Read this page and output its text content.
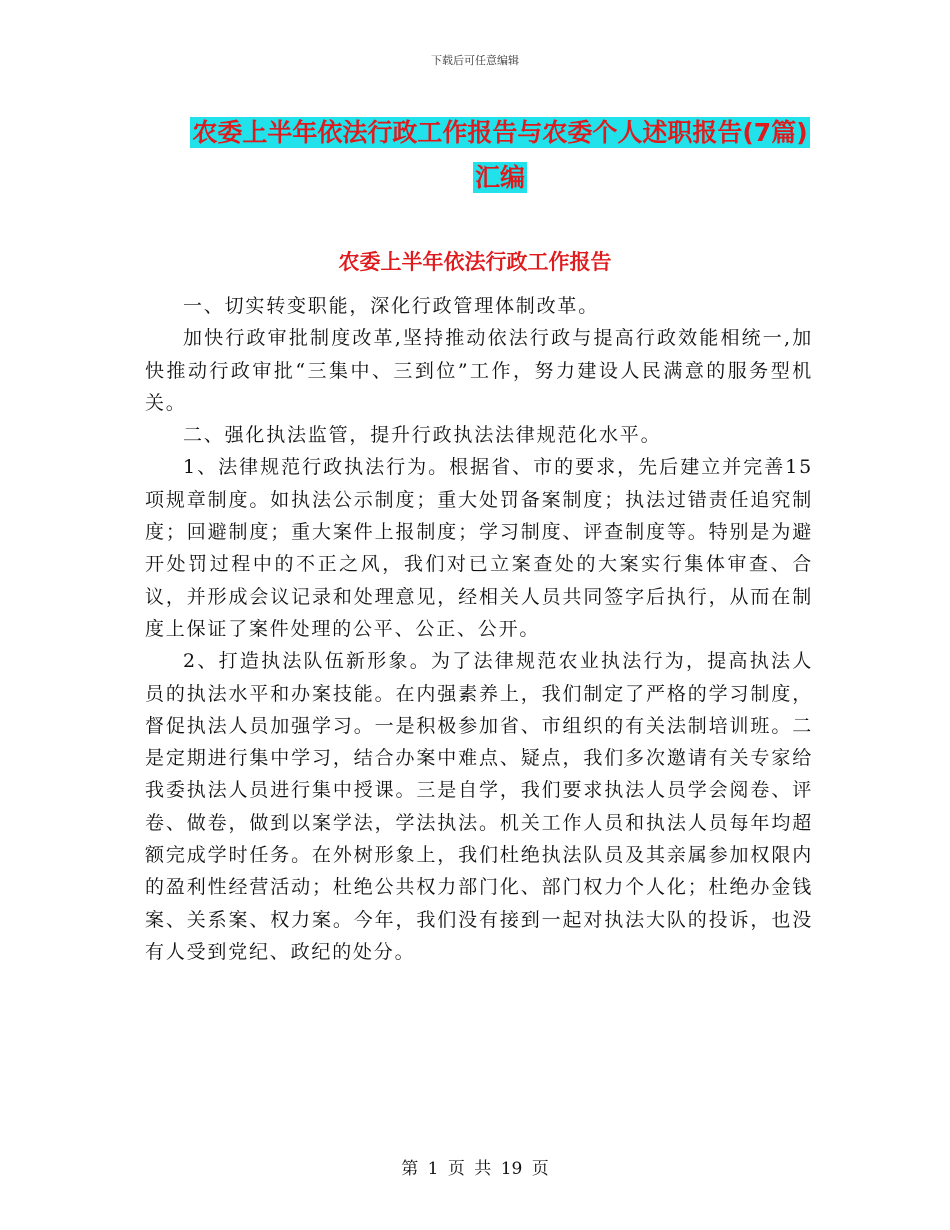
下载后可任意编辑
农委上半年依法行政工作报告与农委个人述职报告(7篇)汇编
农委上半年依法行政工作报告

一、切实转变职能，深化行政管理体制改革。

加快行政审批制度改革,坚持推动依法行政与提高行政效能相统一,加快推动行政审批“三集中、三到位”工作，努力建设人民满意的服务型机关。

二、强化执法监管，提升行政执法法律规范化水平。

1、法律规范行政执法行为。根据省、市的要求，先后建立并完善15项规章制度。如执法公示制度；重大处罚备案制度；执法过错责任追究制度；回避制度；重大案件上报制度；学习制度、评查制度等。特别是为避开处罚过程中的不正之风，我们对已立案查处的大案实行集体审查、合议，并形成会议记录和处理意见，经相关人员共同签字后执行，从而在制度上保证了案件处理的公平、公正、公开。

2、打造执法队伍新形象。为了法律规范农业执法行为，提高执法人员的执法水平和办案技能。在内强素养上，我们制定了严格的学习制度，督促执法人员加强学习。一是积极参加省、市组织的有关法制培训班。二是定期进行集中学习，结合办案中难点、疑点，我们多次邀请有关专家给我委执法人员进行集中授课。三是自学，我们要求执法人员学会阅卷、评卷、做卷，做到以案学法，学法执法。机关工作人员和执法人员每年均超额完成学时任务。在外树形象上，我们杜绝执法队员及其亲属参加权限内的盈利性经营活动；杜绝公共权力部门化、部门权力个人化；杜绝办金钱案、关系案、权力案。今年，我们没有接到一起对执法大队的投诉，也没有人受到党纪、政纪的处分。

第 1 页 共 19 页
